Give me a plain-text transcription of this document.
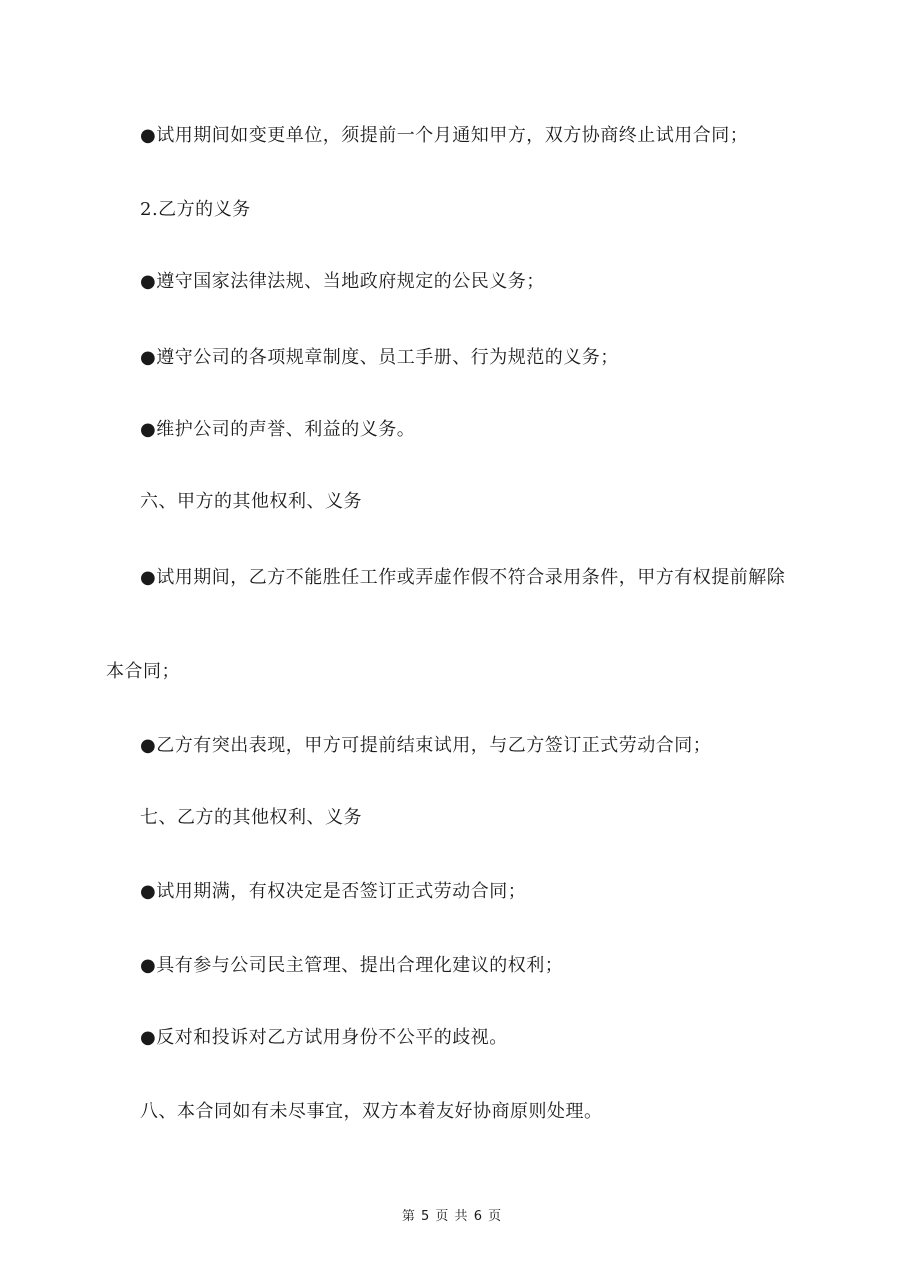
●试用期间如变更单位，须提前一个月通知甲方，双方协商终止试用合同；
2.乙方的义务
●遵守国家法律法规、当地政府规定的公民义务；
●遵守公司的各项规章制度、员工手册、行为规范的义务；
●维护公司的声誉、利益的义务。
六、甲方的其他权利、义务
●试用期间，乙方不能胜任工作或弄虚作假不符合录用条件，甲方有权提前解除
本合同；
●乙方有突出表现，甲方可提前结束试用，与乙方签订正式劳动合同；
七、乙方的其他权利、义务
●试用期满，有权决定是否签订正式劳动合同；
●具有参与公司民主管理、提出合理化建议的权利；
●反对和投诉对乙方试用身份不公平的歧视。
八、本合同如有未尽事宜，双方本着友好协商原则处理。
第 5 页 共 6 页
